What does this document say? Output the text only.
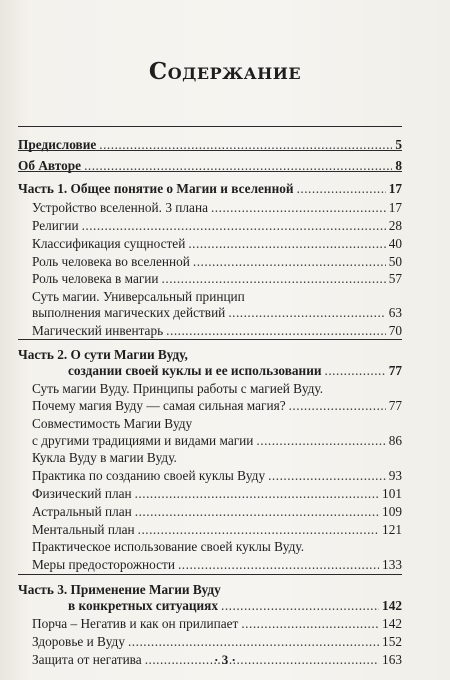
Содержание
Предисловие .....	5
Об Авторе .....	8
Часть 1. Общее понятие о Магии и вселенной .....	17
Устройство вселенной. 3 плана .....	17
Религии .....	28
Классификация сущностей .....	40
Роль человека во вселенной .....	50
Роль человека в магии .....	57
Суть магии. Универсальный принцип
выполнения магических действий .....	63
Магический инвентарь .....	70
Часть 2. О сути Магии Вуду,
создании своей куклы и ее использовании .....	77
Суть магии Вуду. Принципы работы с магией Вуду.
Почему магия Вуду — самая сильная магия? .....	77
Совместимость Магии Вуду
с другими традициями и видами магии .....	86
Кукла Вуду в магии Вуду.
Практика по созданию своей куклы Вуду .....	93
Физический план .....	101
Астральный план .....	109
Ментальный план .....	121
Практическое использование своей куклы Вуду.
Меры предосторожности .....	133
Часть 3. Применение Магии Вуду
в конкретных ситуациях .....	142
Порча – Негатив и как он прилипает .....	142
Здоровье и Вуду .....	152
Защита от негатива .....	163
· 3 ·
